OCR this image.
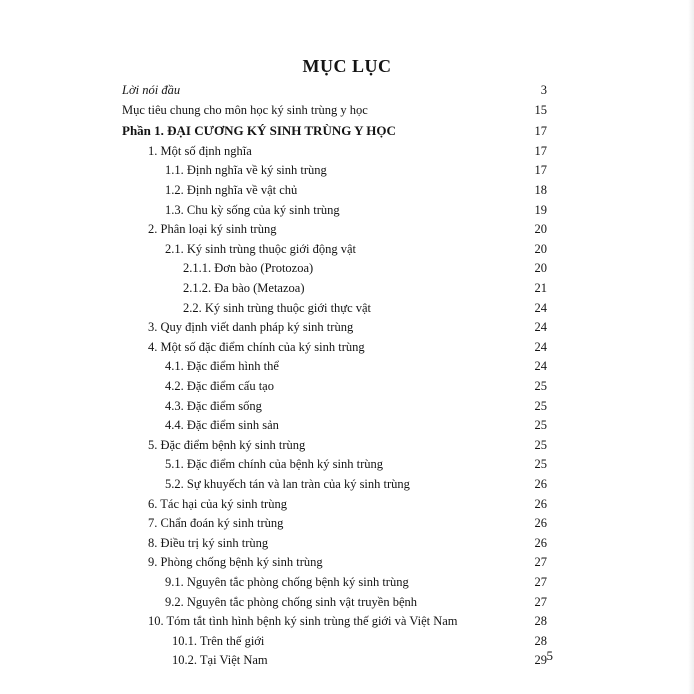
MỤC LỤC
Lời nói đầu	3
Mục tiêu chung cho môn học ký sinh trùng y học	15
Phần 1. ĐẠI CƯƠNG KÝ SINH TRÙNG Y HỌC	17
1. Một số định nghĩa	17
1.1. Định nghĩa về ký sinh trùng	17
1.2. Định nghĩa về vật chủ	18
1.3. Chu kỳ sống của ký sinh trùng	19
2. Phân loại ký sinh trùng	20
2.1. Ký sinh trùng thuộc giới động vật	20
2.1.1. Đơn bào (Protozoa)	20
2.1.2. Đa bào (Metazoa)	21
2.2. Ký sinh trùng thuộc giới thực vật	24
3. Quy định viết danh pháp ký sinh trùng	24
4. Một số đặc điểm chính của ký sinh trùng	24
4.1. Đặc điểm hình thể	24
4.2. Đặc điểm cấu tạo	25
4.3. Đặc điểm sống	25
4.4. Đặc điểm sinh sản	25
5. Đặc điểm bệnh ký sinh trùng	25
5.1. Đặc điểm chính của bệnh ký sinh trùng	25
5.2. Sự khuyếch tán và lan tràn của ký sinh trùng	26
6. Tác hại của ký sinh trùng	26
7. Chẩn đoán ký sinh trùng	26
8. Điều trị ký sinh trùng	26
9. Phòng chống bệnh ký sinh trùng	27
9.1. Nguyên tắc phòng chống bệnh ký sinh trùng	27
9.2. Nguyên tắc phòng chống sinh vật truyền bệnh	27
10. Tóm tắt tình hình bệnh ký sinh trùng thế giới và Việt Nam	28
10.1. Trên thế giới	28
10.2. Tại Việt Nam	29 5
